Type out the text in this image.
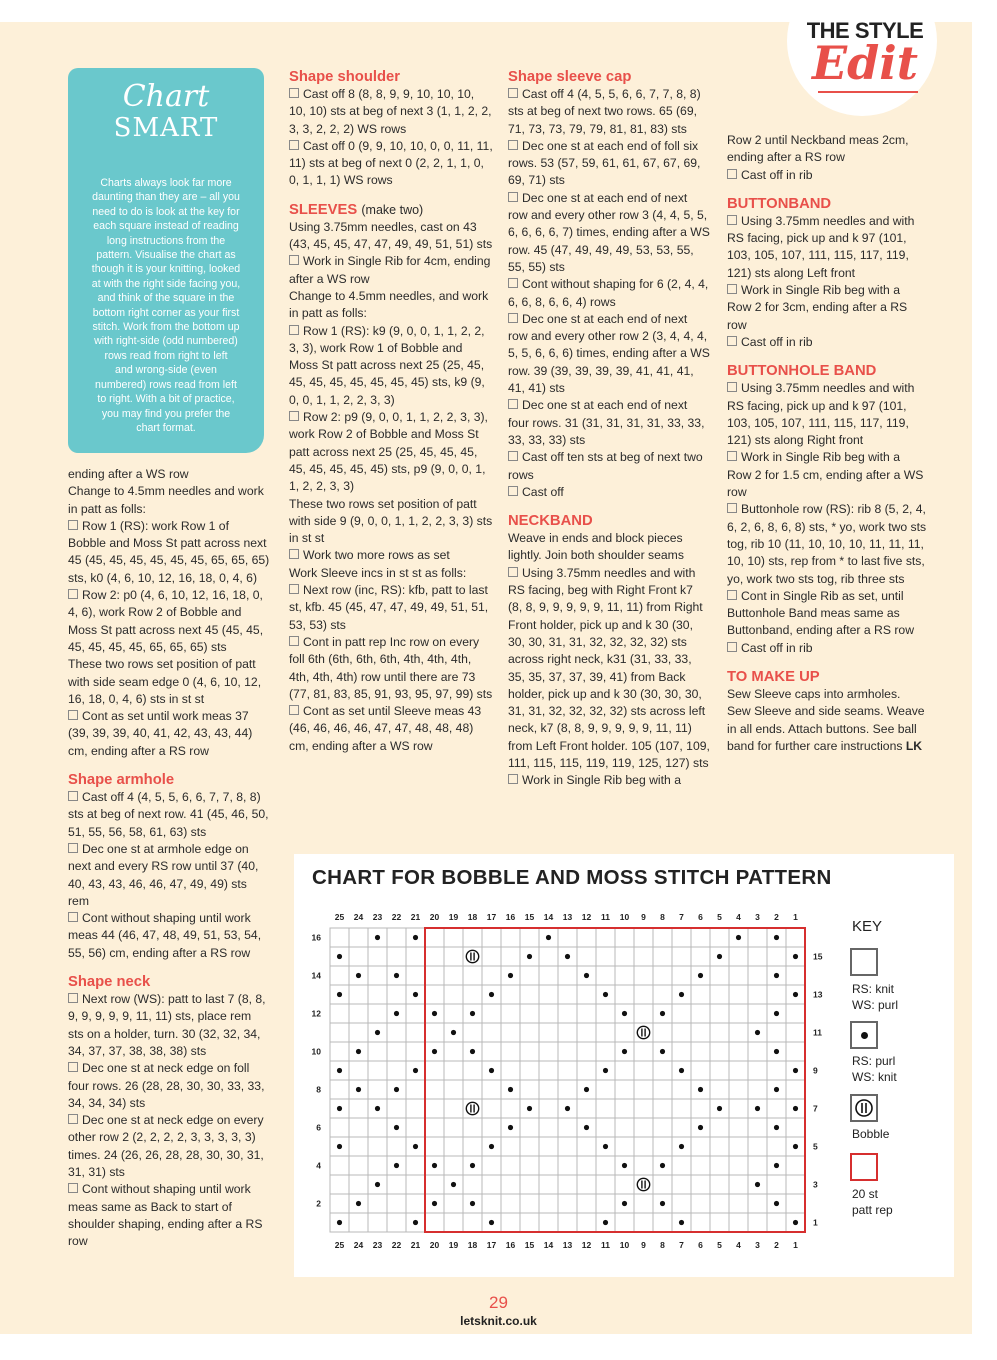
THE STYLE
Edit
Chart
SMART
Charts always look far more
daunting than they are – all you
need to do is look at the key for
each square instead of reading
long instructions from the
pattern. Visualise the chart as
though it is your knitting, looked
at with the right side facing you,
and think of the square in the
bottom right corner as your first
stitch. Work from the bottom up
with right-side (odd numbered)
rows read from right to left
and wrong-side (even
numbered) rows read from left
to right. With a bit of practice,
you may find you prefer the
chart format.

ending after a WS row

Change to 4.5mm needles and work in patt as folls:

Row 1 (RS): work Row 1 of Bobble and Moss St patt across next 45 (45, 45, 45, 45, 45, 45, 65, 65, 65) sts, k0 (4, 6, 10, 12, 16, 18, 0, 4, 6)

Row 2: p0 (4, 6, 10, 12, 16, 18, 0, 4, 6), work Row 2 of Bobble and Moss St patt across next 45 (45, 45, 45, 45, 45, 45, 65, 65, 65) sts

These two rows set position of patt with side seam edge 0 (4, 6, 10, 12, 16, 18, 0, 4, 6) sts in st st

Cont as set until work meas 37 (39, 39, 39, 40, 41, 42, 43, 43, 44) cm, ending after a RS row

Shape armhole

Cast off 4 (4, 5, 5, 6, 6, 7, 7, 8, 8) sts at beg of next row. 41 (45, 46, 50, 51, 55, 56, 58, 61, 63) sts

Dec one st at armhole edge on next and every RS row until 37 (40, 40, 43, 43, 46, 46, 47, 49, 49) sts rem

Cont without shaping until work meas 44 (46, 47, 48, 49, 51, 53, 54, 55, 56) cm, ending after a RS row

Shape neck

Next row (WS): patt to last 7 (8, 8, 9, 9, 9, 9, 9, 11, 11) sts, place rem sts on a holder, turn. 30 (32, 32, 34, 34, 37, 37, 38, 38, 38) sts

Dec one st at neck edge on foll four rows. 26 (28, 28, 30, 30, 33, 33, 34, 34, 34) sts

Dec one st at neck edge on every other row 2 (2, 2, 2, 2, 3, 3, 3, 3, 3) times. 24 (26, 26, 28, 28, 30, 30, 31, 31, 31) sts

Cont without shaping until work meas same as Back to start of shoulder shaping, ending after a RS row

Shape shoulder

Cast off 8 (8, 8, 9, 9, 10, 10, 10, 10, 10) sts at beg of next 3 (1, 1, 2, 2, 3, 3, 2, 2, 2) WS rows

Cast off 0 (9, 9, 10, 10, 0, 0, 11, 11, 11) sts at beg of next 0 (2, 2, 1, 1, 0, 0, 1, 1, 1) WS rows

SLEEVES (make two)

Using 3.75mm needles, cast on 43 (43, 45, 45, 47, 47, 49, 49, 51, 51) sts

Work in Single Rib for 4cm, ending after a WS row

Change to 4.5mm needles, and work in patt as folls:

Row 1 (RS): k9 (9, 0, 0, 1, 1, 2, 2, 3, 3), work Row 1 of Bobble and Moss St patt across next 25 (25, 45, 45, 45, 45, 45, 45, 45, 45) sts, k9 (9, 0, 0, 1, 1, 2, 2, 3, 3)

Row 2: p9 (9, 0, 0, 1, 1, 2, 2, 3, 3), work Row 2 of Bobble and Moss St patt across next 25 (25, 45, 45, 45, 45, 45, 45, 45, 45) sts, p9 (9, 0, 0, 1, 1, 2, 2, 3, 3)

These two rows set position of patt with side 9 (9, 0, 0, 1, 1, 2, 2, 3, 3) sts in st st

Work two more rows as set

Work Sleeve incs in st st as folls:

Next row (inc, RS): kfb, patt to last st, kfb. 45 (45, 47, 47, 49, 49, 51, 51, 53, 53) sts

Cont in patt rep Inc row on every foll 6th (6th, 6th, 6th, 4th, 4th, 4th, 4th, 4th, 4th) row until there are 73 (77, 81, 83, 85, 91, 93, 95, 97, 99) sts

Cont as set until Sleeve meas 43 (46, 46, 46, 46, 47, 47, 48, 48, 48) cm, ending after a WS row

Shape sleeve cap

Cast off 4 (4, 5, 5, 6, 6, 7, 7, 8, 8) sts at beg of next two rows. 65 (69, 71, 73, 73, 79, 79, 81, 81, 83) sts

Dec one st at each end of foll six rows. 53 (57, 59, 61, 61, 67, 67, 69, 69, 71) sts

Dec one st at each end of next row and every other row 3 (4, 4, 5, 5, 6, 6, 6, 6, 7) times, ending after a WS row. 45 (47, 49, 49, 49, 53, 53, 55, 55, 55) sts

Cont without shaping for 6 (2, 4, 4, 6, 6, 8, 6, 6, 4) rows

Dec one st at each end of next row and every other row 2 (3, 4, 4, 4, 5, 5, 6, 6, 6) times, ending after a WS row. 39 (39, 39, 39, 39, 41, 41, 41, 41, 41) sts

Dec one st at each end of next four rows. 31 (31, 31, 31, 31, 33, 33, 33, 33, 33) sts

Cast off ten sts at beg of next two rows

Cast off

NECKBAND

Weave in ends and block pieces lightly. Join both shoulder seams

Using 3.75mm needles and with RS facing, beg with Right Front k7 (8, 8, 9, 9, 9, 9, 9, 11, 11) from Right Front holder, pick up and k 30 (30, 30, 30, 31, 31, 32, 32, 32, 32) sts across right neck, k31 (31, 33, 33, 35, 35, 37, 37, 39, 41) from Back holder, pick up and k 30 (30, 30, 30, 31, 31, 32, 32, 32, 32) sts across left neck, k7 (8, 8, 9, 9, 9, 9, 9, 11, 11) from Left Front holder. 105 (107, 109, 111, 115, 115, 119, 119, 125, 127) sts

Work in Single Rib beg with a

Row 2 until Neckband meas 2cm, ending after a RS row

Cast off in rib

BUTTONBAND

Using 3.75mm needles and with RS facing, pick up and k 97 (101, 103, 105, 107, 111, 115, 117, 119, 121) sts along Left front

Work in Single Rib beg with a Row 2 for 3cm, ending after a RS row

Cast off in rib

BUTTONHOLE BAND

Using 3.75mm needles and with RS facing, pick up and k 97 (101, 103, 105, 107, 111, 115, 117, 119, 121) sts along Right front

Work in Single Rib beg with a Row 2 for 1.5 cm, ending after a WS row

Buttonhole row (RS): rib 8 (5, 2, 4, 6, 2, 6, 8, 6, 8) sts, * yo, work two sts tog, rib 10 (11, 10, 10, 10, 11, 11, 11, 10, 10) sts, rep from * to last five sts, yo, work two sts tog, rib three sts

Cont in Single Rib as set, until Buttonhole Band meas same as Buttonband, ending after a RS row

Cast off in rib

TO MAKE UP

Sew Sleeve caps into armholes. Sew Sleeve and side seams. Weave in all ends. Attach buttons. See ball band for further care instructions LK

CHART FOR BOBBLE AND MOSS STITCH PATTERN
25
25
24
24
23
23
22
22
21
21
20
20
19
19
18
18
17
17
16
16
15
15
14
14
13
13
12
12
11
11
10
10
9
9
8
8
7
7
6
6
5
5
4
4
3
3
2
2
1
1
16
14
12
10
8
6
4
2
15
13
11
9
7
5
3
1
KEY
RS: knit
WS: purl
RS: purl
WS: knit
Bobble
20 st
patt rep
29
letsknit.co.uk
